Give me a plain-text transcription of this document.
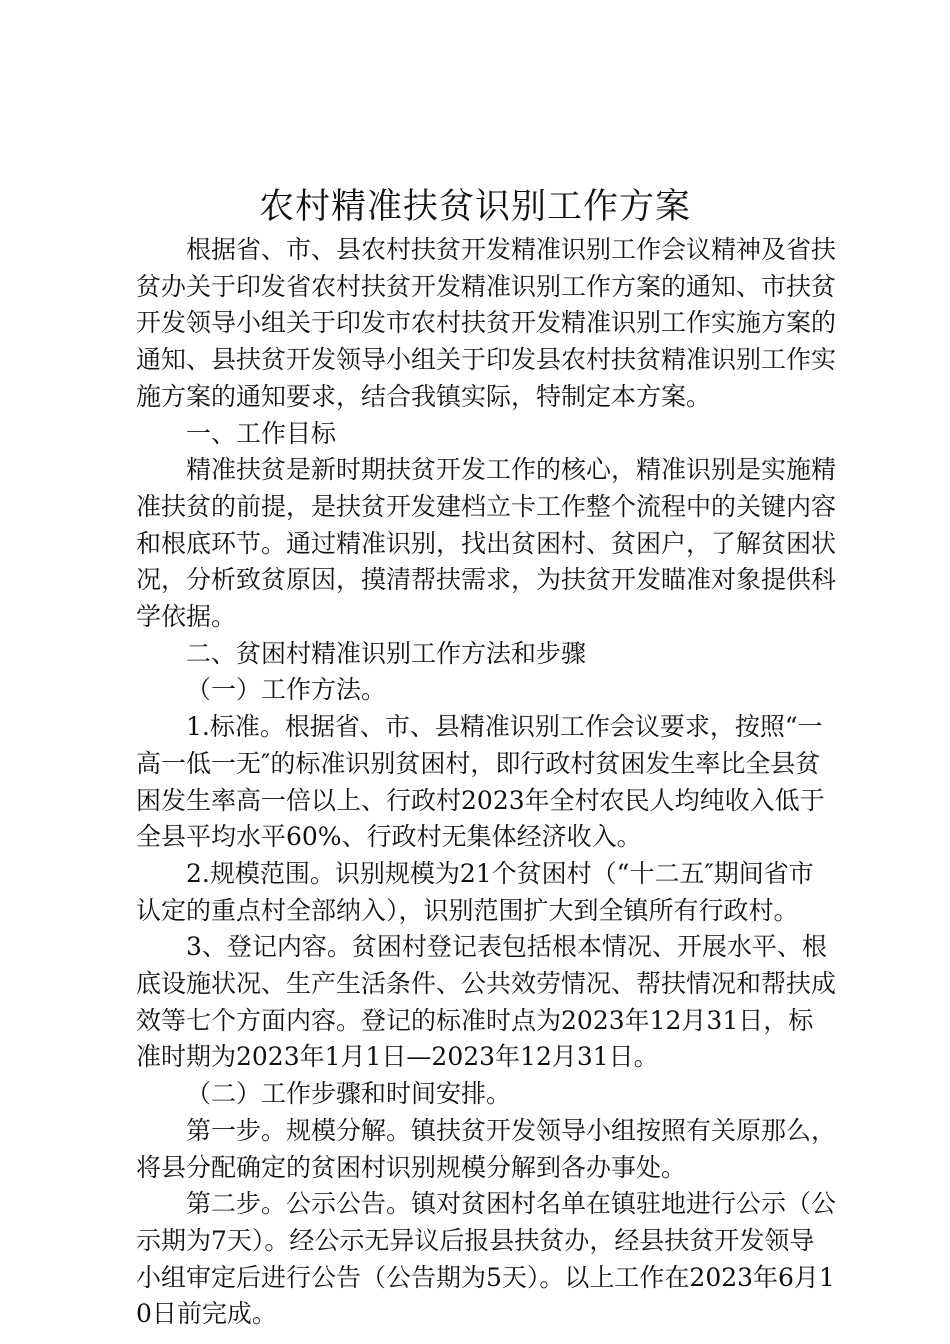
农村精准扶贫识别工作方案

根据省、市、县农村扶贫开发精准识别工作会议精神及省扶贫办关于印发省农村扶贫开发精准识别工作方案的通知、市扶贫开发领导小组关于印发市农村扶贫开发精准识别工作实施方案的通知、县扶贫开发领导小组关于印发县农村扶贫精准识别工作实施方案的通知要求，结合我镇实际，特制定本方案。

一、工作目标

精准扶贫是新时期扶贫开发工作的核心，精准识别是实施精准扶贫的前提，是扶贫开发建档立卡工作整个流程中的关键内容和根底环节。通过精准识别，找出贫困村、贫困户，了解贫困状况，分析致贫原因，摸清帮扶需求，为扶贫开发瞄准对象提供科学依据。

二、贫困村精准识别工作方法和步骤

（一）工作方法。

1.标准。根据省、市、县精准识别工作会议要求，按照“一高一低一无″的标准识别贫困村，即行政村贫困发生率比全县贫困发生率高一倍以上、行政村2023年全村农民人均纯收入低于全县平均水平60%、行政村无集体经济收入。

2.规模范围。识别规模为21个贫困村（“十二五″期间省市认定的重点村全部纳入），识别范围扩大到全镇所有行政村。

3、登记内容。贫困村登记表包括根本情况、开展水平、根底设施状况、生产生活条件、公共效劳情况、帮扶情况和帮扶成效等七个方面内容。登记的标准时点为2023年12月31日，标准时期为2023年1月1日—2023年12月31日。

（二）工作步骤和时间安排。

第一步。规模分解。镇扶贫开发领导小组按照有关原那么，将县分配确定的贫困村识别规模分解到各办事处。

第二步。公示公告。镇对贫困村名单在镇驻地进行公示（公示期为7天）。经公示无异议后报县扶贫办，经县扶贫开发领导小组审定后进行公告（公告期为5天）。以上工作在2023年6月10日前完成。
